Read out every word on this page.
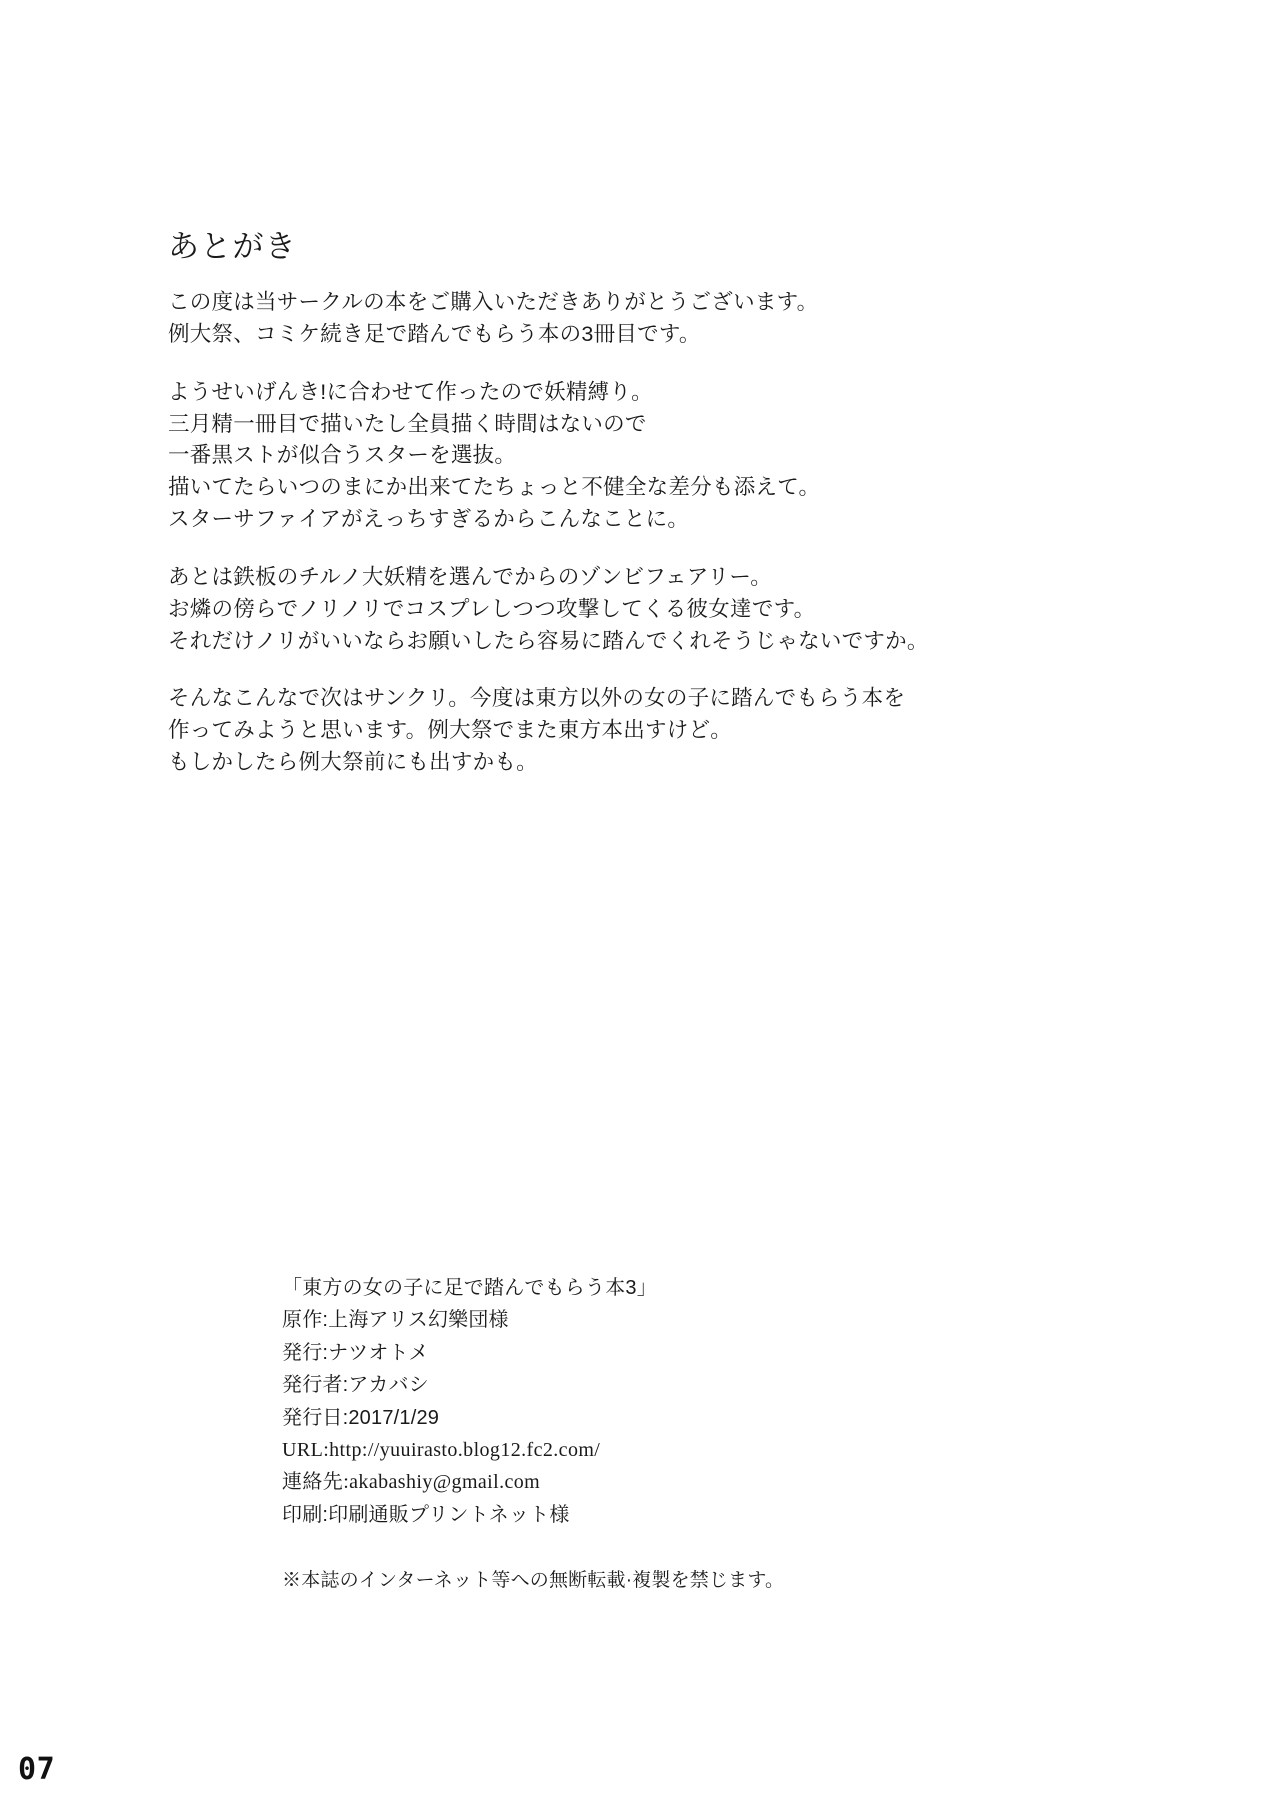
あとがき

この度は当サークルの本をご購入いただきありがとうございます。
例大祭、コミケ続き足で踏んでもらう本の3冊目です。

ようせいげんき!に合わせて作ったので妖精縛り。
三月精一冊目で描いたし全員描く時間はないので
一番黒ストが似合うスターを選抜。
描いてたらいつのまにか出来てたちょっと不健全な差分も添えて。
スターサファイアがえっちすぎるからこんなことに。

あとは鉄板のチルノ大妖精を選んでからのゾンビフェアリー。
お燐の傍らでノリノリでコスプレしつつ攻撃してくる彼女達です。
それだけノリがいいならお願いしたら容易に踏んでくれそうじゃないですか。

そんなこんなで次はサンクリ。今度は東方以外の女の子に踏んでもらう本を
作ってみようと思います。例大祭でまた東方本出すけど。
もしかしたら例大祭前にも出すかも。

「東方の女の子に足で踏んでもらう本3」
原作:上海アリス幻樂団様
発行:ナツオトメ
発行者:アカバシ
発行日:2017/1/29
URL:http://yuuirasto.blog12.fc2.com/
連絡先:akabashiy@gmail.com
印刷:印刷通販プリントネット様
※本誌のインターネット等への無断転載·複製を禁じます。
07
